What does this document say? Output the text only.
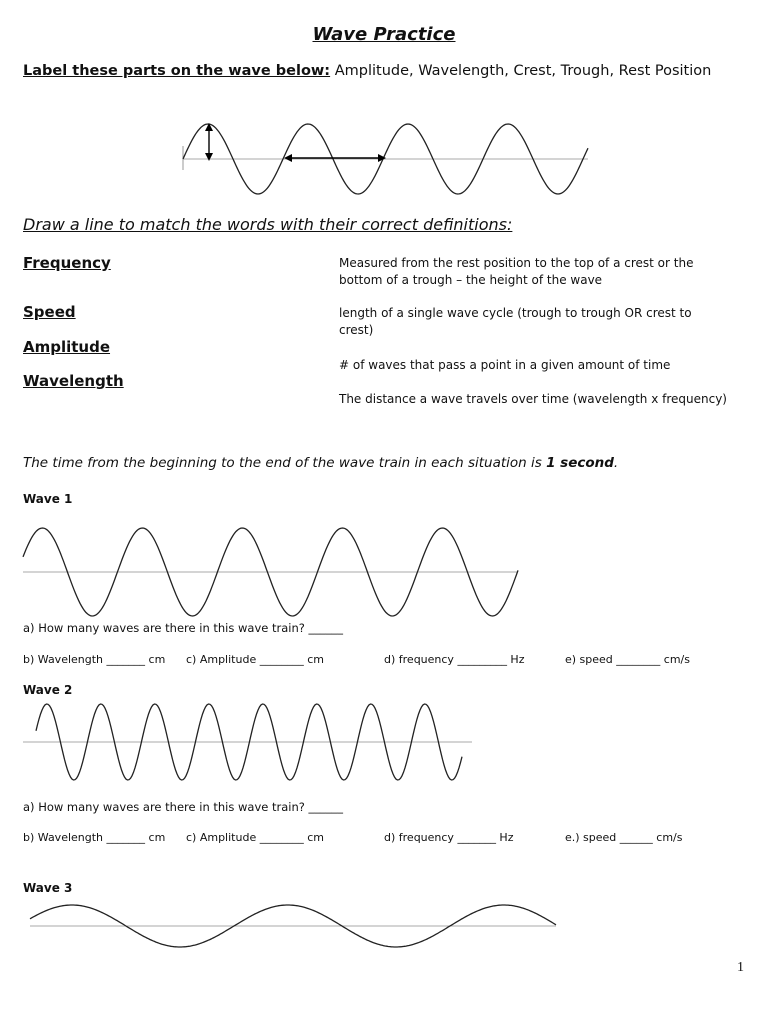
Wave Practice
Label these parts on the wave below: Amplitude, Wavelength, Crest, Trough, Rest Position
Draw a line to match the words with their correct definitions:
Frequency
Speed
Amplitude
Wavelength
Measured from the rest position to the top of a crest or the bottom of a trough – the height of the wave
length of a single wave cycle (trough to trough OR crest to crest)
# of waves that pass a point in a given amount of time
The distance a wave travels over time (wavelength x frequency)
The time from the beginning to the end of the wave train in each situation is 1 second.
Wave 1
a) How many waves are there in this wave train? ______
b) Wavelength _______ cm c) Amplitude ________ cm	d) frequency _________ Hz	e) speed ________ cm/s
Wave 2
a) How many waves are there in this wave train? ______
b) Wavelength _______ cm c) Amplitude ________ cm	d) frequency _______ Hz	e.) speed ______ cm/s
Wave 3
1
